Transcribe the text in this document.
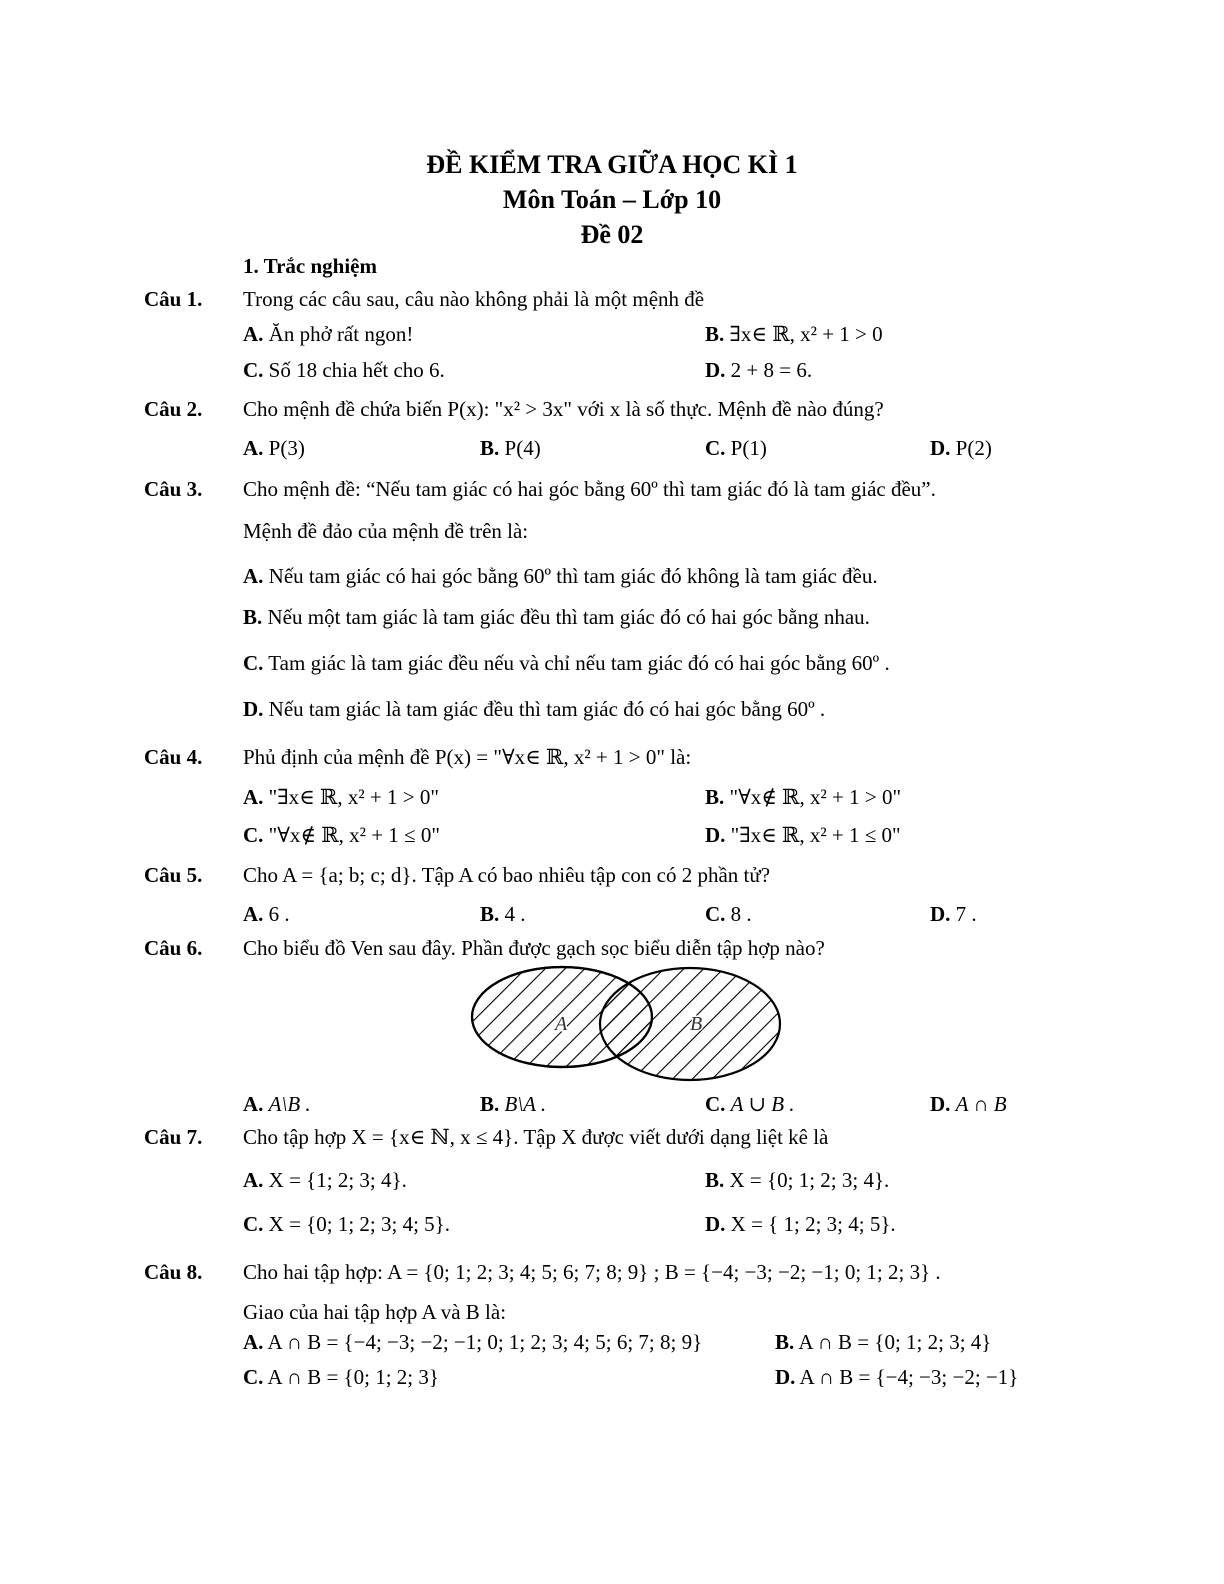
ĐỀ KIỂM TRA GIỮA HỌC KÌ 1
Môn Toán – Lớp 10
Đề 02
1. Trắc nghiệm
Câu 1. Trong các câu sau, câu nào không phải là một mệnh đề
A. Ăn phở rất ngon!	B. ∃x∈ ℝ, x² + 1 > 0
C. Số 18 chia hết cho 6.	D. 2 + 8 = 6.
Câu 2. Cho mệnh đề chứa biến P(x): "x² > 3x" với x là số thực. Mệnh đề nào đúng?
A. P(3)	B. P(4)	C. P(1)	D. P(2)
Câu 3. Cho mệnh đề: “Nếu tam giác có hai góc bằng 60º thì tam giác đó là tam giác đều”.
Mệnh đề đảo của mệnh đề trên là:
A. Nếu tam giác có hai góc bằng 60º thì tam giác đó không là tam giác đều.
B. Nếu một tam giác là tam giác đều thì tam giác đó có hai góc bằng nhau.
C. Tam giác là tam giác đều nếu và chỉ nếu tam giác đó có hai góc bằng 60º .
D. Nếu tam giác là tam giác đều thì tam giác đó có hai góc bằng 60º .
Câu 4. Phủ định của mệnh đề P(x) = "∀x∈ ℝ, x² + 1 > 0" là:
A. "∃x∈ ℝ, x² + 1 > 0"	B. "∀x∉ ℝ, x² + 1 > 0"
C. "∀x∉ ℝ, x² + 1 ≤ 0"	D. "∃x∈ ℝ, x² + 1 ≤ 0"
Câu 5. Cho A = {a; b; c; d}. Tập A có bao nhiêu tập con có 2 phần tử?
A. 6 .	B. 4 .	C. 8 .	D. 7 .
Câu 6. Cho biểu đồ Ven sau đây. Phần được gạch sọc biểu diễn tập hợp nào?
A	B
A. A\B .	B. B\A .	C. A ∪ B .	D. A ∩ B
Câu 7. Cho tập hợp X = {x∈ ℕ, x ≤ 4}. Tập X được viết dưới dạng liệt kê là
A. X = {1; 2; 3; 4}.	B. X = {0; 1; 2; 3; 4}.
C. X = {0; 1; 2; 3; 4; 5}.	D. X = { 1; 2; 3; 4; 5}.
Câu 8. Cho hai tập hợp: A = {0; 1; 2; 3; 4; 5; 6; 7; 8; 9} ; B = {−4; −3; −2; −1; 0; 1; 2; 3} .
Giao của hai tập hợp A và B là:
A. A ∩ B = {−4; −3; −2; −1; 0; 1; 2; 3; 4; 5; 6; 7; 8; 9}	B. A ∩ B = {0; 1; 2; 3; 4}
C. A ∩ B = {0; 1; 2; 3}	D. A ∩ B = {−4; −3; −2; −1}
